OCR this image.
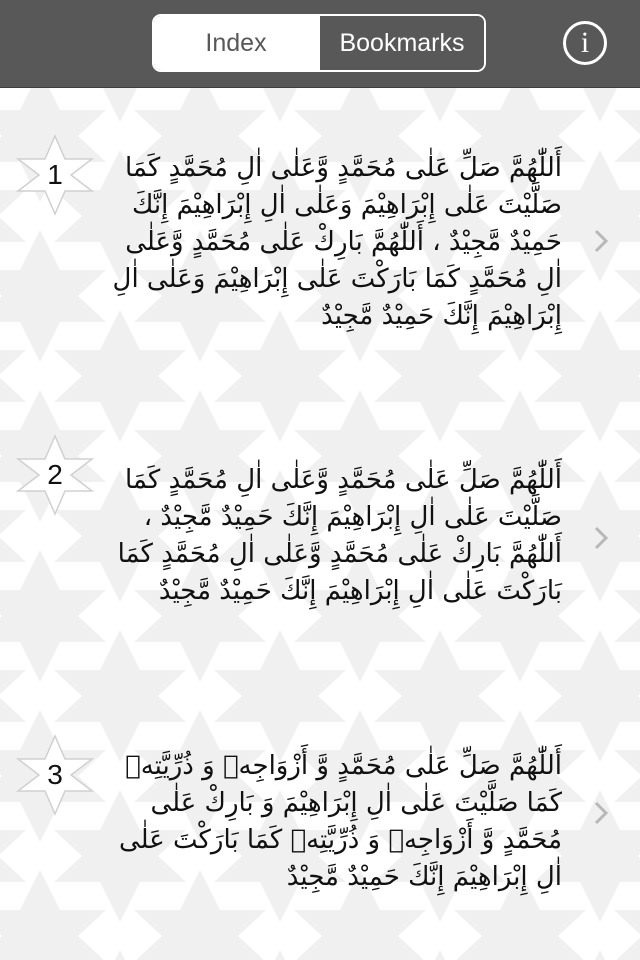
Index	Bookmarks	i
1	أَللّٰهُمَّ صَلِّ عَلٰى مُحَمَّدٍ وَّعَلٰى اٰلِ مُحَمَّدٍ كَمَا صَلَّيْتَ عَلٰى إِبْرَاهِيْمَ وَعَلٰى اٰلِ إِبْرَاهِيْمَ إِنَّكَ حَمِيْدٌ مَّجِيْدٌ ، أَللّٰهُمَّ بَارِكْ عَلٰى مُحَمَّدٍ وَّعَلٰى اٰلِ مُحَمَّدٍ كَمَا بَارَكْتَ عَلٰى إِبْرَاهِيْمَ وَعَلٰى اٰلِ إِبْرَاهِيْمَ إِنَّكَ حَمِيْدٌ مَّجِيْدٌ
2	أَللّٰهُمَّ صَلِّ عَلٰى مُحَمَّدٍ وَّعَلٰى اٰلِ مُحَمَّدٍ كَمَا صَلَّيْتَ عَلٰى اٰلِ إِبْرَاهِيْمَ إِنَّكَ حَمِيْدٌ مَّجِيْدٌ ، أَللّٰهُمَّ بَارِكْ عَلٰى مُحَمَّدٍ وَّعَلٰى اٰلِ مُحَمَّدٍ كَمَا بَارَكْتَ عَلٰى اٰلِ إِبْرَاهِيْمَ إِنَّكَ حَمِيْدٌ مَّجِيْدٌ
3	أَللّٰهُمَّ صَلِّ عَلٰى مُحَمَّدٍ وَّ أَزْوَاجِهٖ وَ ذُرِّيَّتِهٖ كَمَا صَلَّيْتَ عَلٰى اٰلِ إِبْرَاهِيْمَ وَ بَارِكْ عَلٰى مُحَمَّدٍ وَّ أَزْوَاجِهٖ وَ ذُرِّيَّتِهٖ كَمَا بَارَكْتَ عَلٰى اٰلِ إِبْرَاهِيْمَ إِنَّكَ حَمِيْدٌ مَّجِيْدٌ
